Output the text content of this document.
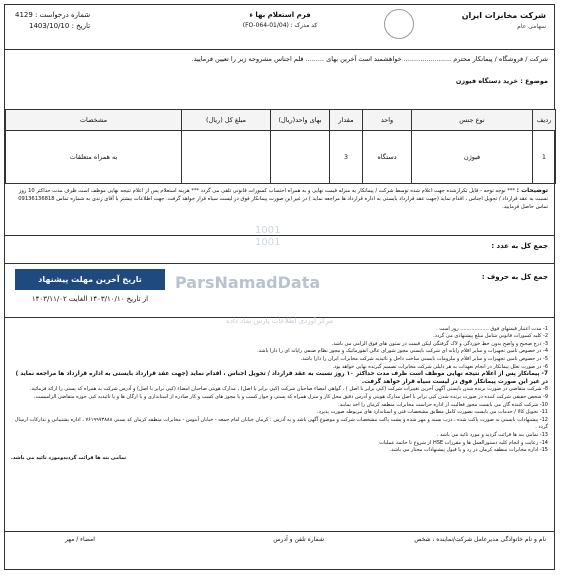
شرکت مخابرات ایران
سهامی عام
فرم استعلام بها ء
کد مدرک : (FO-064-01/04)
شماره درخواست : 4129
تاریخ : 1403/10/10
شرکت / فروشگاه / پیمانکار محترم ....................... خواهشمند است آخرین بهای ......... قلم اجناس مشروحه زیر را تعیین فرمایید.
موضوع : خرید دستگاه فیوزن
ردیف	نوع جنس	واحد	مقدار	بهای واحد(ریال)	مبلغ کل (ریال)	مشخصات
1	فیوژن	دستگاه	3			به همراه متعلقات
توضیحات : *** توجه توجه - فایل تکرارشده جهت اعلام شده توسط شرکت / پیمانکار به منزله قیمت نهایی و به همراه احتساب کسورات قانونی تلقی می گردد *** هزینه استعلام پس از اعلام نتیجه نهایی موظف است ظرف مدت حداکثر 10 روز نسبت به عقد قرارداد / تحویل اجناس ، اقدام نماید (جهت عقد قرارداد بایستی به اداره قرارداد ها مراجعه نماید ) در غیر این صورت پیمانکار فوق در لیست سیاه قرار خواهد گرفت. جهت اطلاعات بیشتر با آقای زندی به شماره تماس 09136136818 تماس حاصل فرمایید.
جمع کل به عدد :
جمع کل به حروف :
1001
1001
ParsNamadData
تاریخ آخرین مهلت پیشنهاد
از تاریخ ۱۴۰۳/۱۰/۱۰ الغایت ۱۴۰۳/۱۱/۰۲
مرکز آوردی اطلاعات پارس نماد داده
1- مدت اعتبار قیمتهای فوق .................. روز است .
2- کلیه کسورات قانونی شامل مبلغ پیشنهادی می گردد.
3- درج صحیح و واضح بدون خط خوردگی و لاک گرفتگی لیکن قیمت در ستون های فوق الزامی می باشد.
4- در خصوص تامین تجهیزات و سایر اقلام رایانه ای شرکت بایستی مجوز شورای عالی انفورماتیک و مجوز نظام صنفی رایانه ای را دارا باشد.
5- در خصوص تامین تجهیزات و سایر اقلام و ملزومات بایستی ساخت داخل و تائیدیه شرکت مخابرات ایران را دارا باشد.
6- در صورت تعلل پیمانکار در انجام تعهدات به هر دلیلی شرکت مخابرات تصمیم گیرنده نهایی خواهد بود.
7- پیمانکار پس از اعلام نتیجه نهایی موظف است ظرف مدت حداکثر ۱۰ روز نسبت به عقد قرارداد / تحویل اجناس ، اقدام نماید (جهت عقد قرارداد بایستی به اداره قرارداد ها مراجعه نماید ) در غیر این صورت پیمانکار فوق در لیست سیاه قرار خواهد گرفت.
8- شرکت متقاضی در صورت برنده شدن بایستی آگهی آخرین تغییرات شرکت (کپی برابر با اصل ) ، گواهی امضاء صاحبان شرکت (کپی برابر با اصل) ، مدارک هویتی صاحبان امضاء (کپی برابر با اصل) و آدرس شرکت به همراه کد پستی را ارائه فرمائید.
9- شخص حقیقی شرکت کننده در صورت برنده شدن کپی برابر با اصل مدارک هویتی و آدرس دقیق محل کار و منزل همراه کد پستی و جواز کسب و یا مجوز های کسب و کار صادره از استانداری و یا ارگان ها و یا تائیدیه کپی حوزه متقاضی الزامیست.
10- شرکت کننده گان می بایست مجوز فعالیت از اداره حراست مخابرات منطقه کرمان را اخذ نمایند.
11- تحویل کالا / خدمات می بایست بصورت کامل مطابق مشخصات فنی و استاندارد های مربوطه صورت پذیرد.
12- پیشنهادات بایستی به صورت پاکت شده ، درب بسته و مهر شده و پشت پاکت مشخصات شرکت و موضوع آگهی باشد و به آدرس : کرمان خیابان امام جمعه - خیابان آیتوس - مخابرات منطقه کرمان کد پستی ۷۶۱۹۹۷۳۸۸۸ ، اداره پشتیبانی و تدارکات ارسال گردد .
13- تمامی بند ها قرائت گردید و مورد تائید می باشد .
14- رعایت و انجام کلیه دستورالعمل ها و مقررات HSE از شروع تا خاتمه عملیات
15- اداره مخابرات منطقه کرمان در رد و یا قبول پیشنهادات مختار می باشد.
تمامی بند ها قرائت گردیدومورد تائید می باشد.
نام و نام خانوادگی مدیرعامل شرکت/نماینده ، شخص
شماره تلفن و آدرس
امضاء / مهر
